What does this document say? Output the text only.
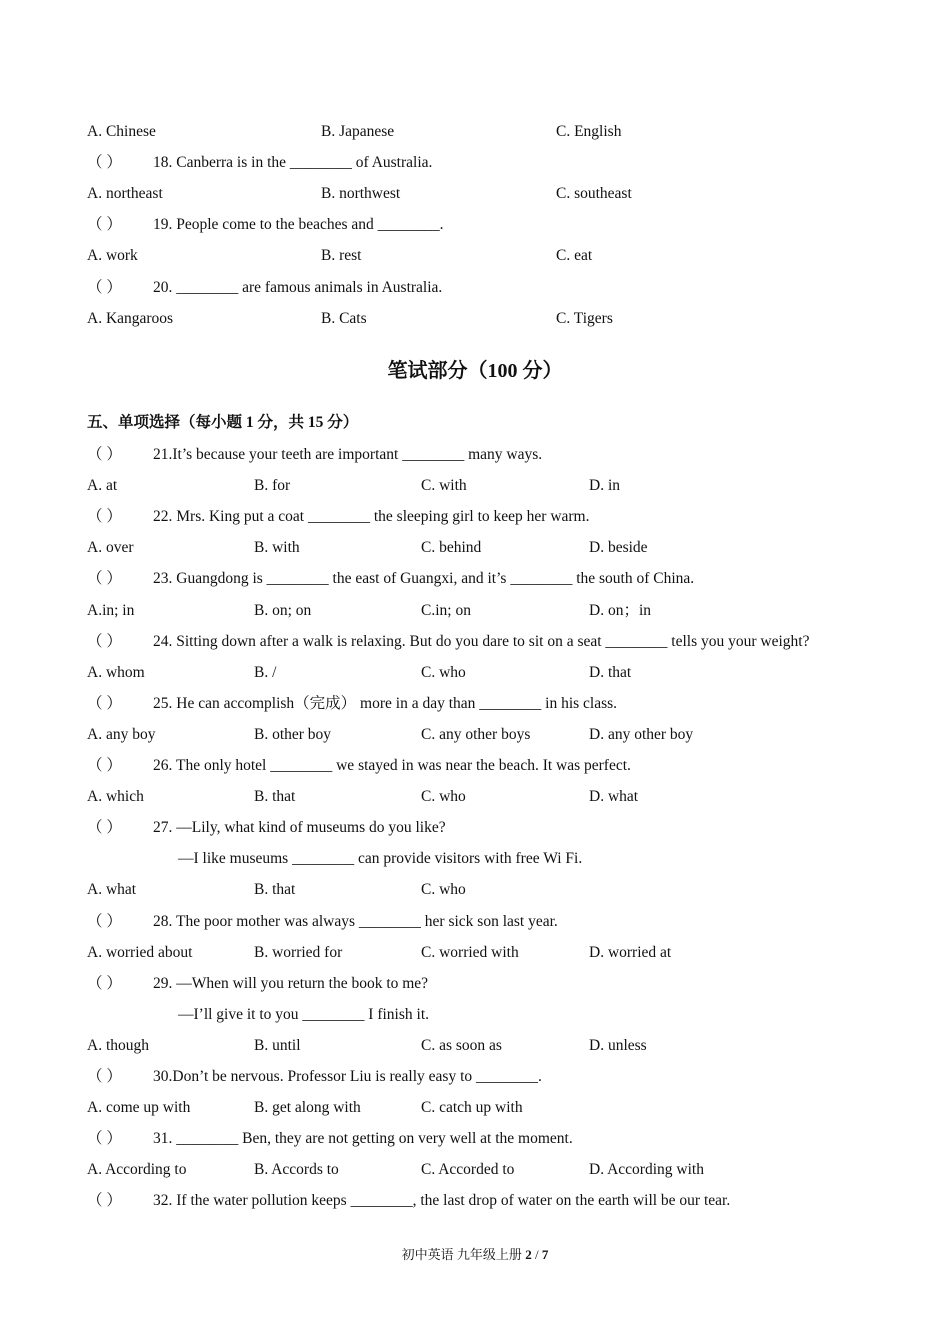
A. Chinese	B. Japanese	C. English
（ ） 18. Canberra is in the ________ of Australia.
A. northeast	B. northwest	C. southeast
（ ） 19. People come to the beaches and ________.
A. work	B. rest	C. eat
（ ） 20. ________ are famous animals in Australia.
A. Kangaroos	B. Cats	C. Tigers
笔试部分（100 分）
五、单项选择（每小题 1 分，共 15 分）
（ ） 21.It’s because your teeth are important ________ many ways.
A. at	B. for	C. with	D. in
（ ） 22. Mrs. King put a coat ________ the sleeping girl to keep her warm.
A. over	B. with	C. behind	D. beside
（ ） 23. Guangdong is ________ the east of Guangxi, and it’s ________ the south of China.
A.in; in	B. on; on	C.in; on	D. on；in
（ ） 24. Sitting down after a walk is relaxing. But do you dare to sit on a seat ________ tells you your weight?
A. whom	B. /	C. who	D. that
（ ） 25. He can accomplish（完成） more in a day than ________ in his class.
A. any boy	B. other boy	C. any other boys	D. any other boy
（ ） 26. The only hotel ________ we stayed in was near the beach. It was perfect.
A. which	B. that	C. who	D. what
（ ） 27. —Lily, what kind of museums do you like?
—I like museums ________ can provide visitors with free Wi Fi.
A. what	B. that	C. who
（ ） 28. The poor mother was always ________ her sick son last year.
A. worried about	B. worried for	C. worried with	D. worried at
（ ） 29. —When will you return the book to me?
—I’ll give it to you ________ I finish it.
A. though	B. until	C. as soon as	D. unless
（ ） 30.Don’t be nervous. Professor Liu is really easy to ________.
A. come up with	B. get along with	C. catch up with
（ ） 31. ________ Ben, they are not getting on very well at the moment.
A. According to	B. Accords to	C. Accorded to	D. According with
（ ） 32. If the water pollution keeps ________, the last drop of water on the earth will be our tear.
初中英语 九年级上册 2 / 7
